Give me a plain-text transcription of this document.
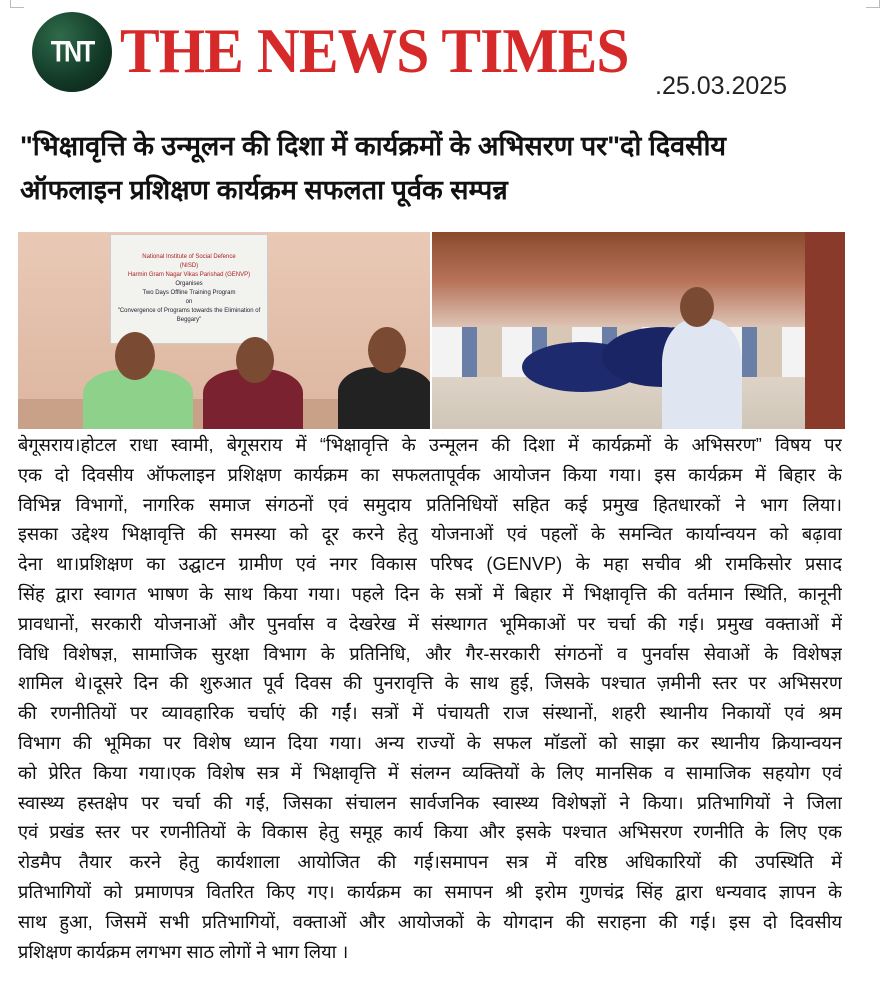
TNT THE NEWS TIMES .25.03.2025
"भिक्षावृत्ति के उन्मूलन की दिशा में कार्यक्रमों के अभिसरण पर"दो दिवसीय
ऑफलाइन प्रशिक्षण कार्यक्रम सफलता पूर्वक सम्पन्न
National Institute of Social Defence
(NISD)
Harmin Gram Nagar Vikas Parishad (GENVP)
Organises
Two Days Offline Training Program
on
"Convergence of Programs towards the Elimination of Beggary"
बेगूसराय।होटल राधा स्वामी, बेगूसराय में “भिक्षावृत्ति के उन्मूलन की दिशा में कार्यक्रमों के अभिसरण” विषय पर
एक दो दिवसीय ऑफलाइन प्रशिक्षण कार्यक्रम का सफलतापूर्वक आयोजन किया गया। इस कार्यक्रम में बिहार के
विभिन्न विभागों, नागरिक समाज संगठनों एवं समुदाय प्रतिनिधियों सहित कई प्रमुख हितधारकों ने भाग लिया।
इसका उद्देश्य भिक्षावृत्ति की समस्या को दूर करने हेतु योजनाओं एवं पहलों के समन्वित कार्यान्वयन को बढ़ावा
देना था।प्रशिक्षण का उद्घाटन ग्रामीण एवं नगर विकास परिषद (GENVP) के महा सचीव श्री रामकिसोर प्रसाद
सिंह द्वारा स्वागत भाषण के साथ किया गया। पहले दिन के सत्रों में बिहार में भिक्षावृत्ति की वर्तमान स्थिति, कानूनी
प्रावधानों, सरकारी योजनाओं और पुनर्वास व देखरेख में संस्थागत भूमिकाओं पर चर्चा की गई। प्रमुख वक्ताओं में
विधि विशेषज्ञ, सामाजिक सुरक्षा विभाग के प्रतिनिधि, और गैर-सरकारी संगठनों व पुनर्वास सेवाओं के विशेषज्ञ
शामिल थे।दूसरे दिन की शुरुआत पूर्व दिवस की पुनरावृत्ति के साथ हुई, जिसके पश्चात ज़मीनी स्तर पर अभिसरण
की रणनीतियों पर व्यावहारिक चर्चाएं की गईं। सत्रों में पंचायती राज संस्थानों, शहरी स्थानीय निकायों एवं श्रम
विभाग की भूमिका पर विशेष ध्यान दिया गया। अन्य राज्यों के सफल मॉडलों को साझा कर स्थानीय क्रियान्वयन
को प्रेरित किया गया।एक विशेष सत्र में भिक्षावृत्ति में संलग्न व्यक्तियों के लिए मानसिक व सामाजिक सहयोग एवं
स्वास्थ्य हस्तक्षेप पर चर्चा की गई, जिसका संचालन सार्वजनिक स्वास्थ्य विशेषज्ञों ने किया। प्रतिभागियों ने जिला
एवं प्रखंड स्तर पर रणनीतियों के विकास हेतु समूह कार्य किया और इसके पश्चात अभिसरण रणनीति के लिए एक
रोडमैप तैयार करने हेतु कार्यशाला आयोजित की गई।समापन सत्र में वरिष्ठ अधिकारियों की उपस्थिति में
प्रतिभागियों को प्रमाणपत्र वितरित किए गए। कार्यक्रम का समापन श्री इरोम गुणचंद्र सिंह द्वारा धन्यवाद ज्ञापन के
साथ हुआ, जिसमें सभी प्रतिभागियों, वक्ताओं और आयोजकों के योगदान की सराहना की गई। इस दो दिवसीय
प्रशिक्षण कार्यक्रम लगभग साठ लोगों ने भाग लिया ।
